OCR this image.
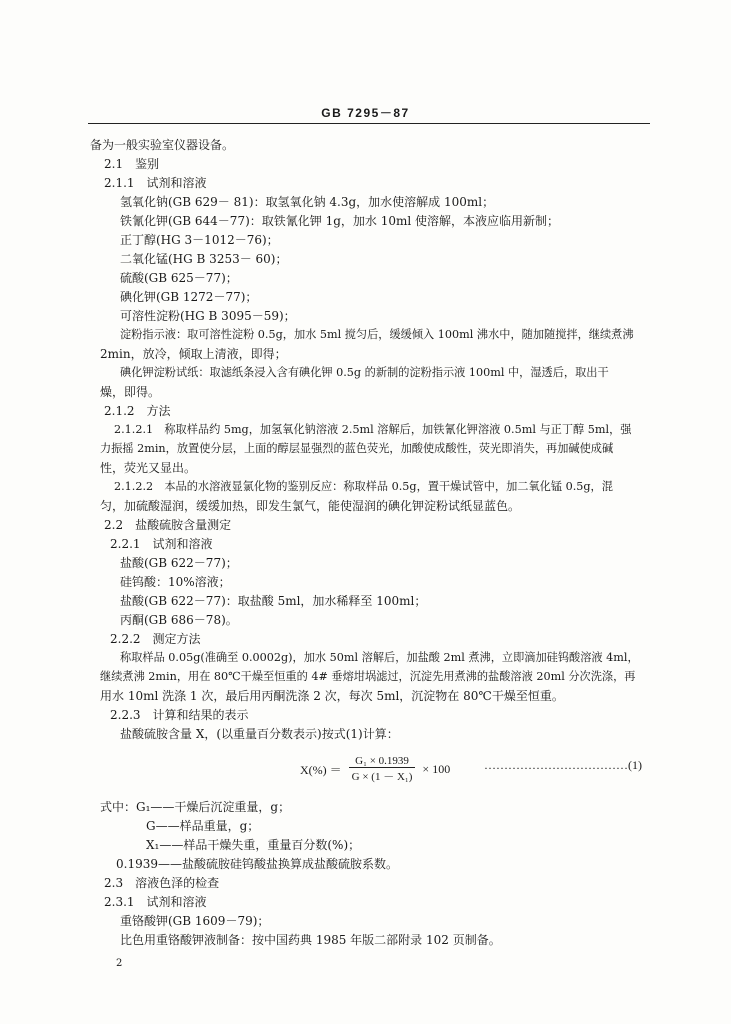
GB 7295－87
备为一般实验室仪器设备。
2.1　鉴别
2.1.1　试剂和溶液
氢氧化钠(GB 629－ 81)：取氢氧化钠 4.3g，加水使溶解成 100ml；
铁氰化钾(GB 644－77)：取铁氰化钾 1g，加水 10ml 使溶解，本液应临用新制；
正丁醇(HG 3－1012－76)；
二氧化锰(HG B 3253－ 60)；
硫酸(GB 625－77)；
碘化钾(GB 1272－77)；
可溶性淀粉(HG B 3095－59)；
淀粉指示液：取可溶性淀粉 0.5g，加水 5ml 搅匀后，缓缓倾入 100ml 沸水中，随加随搅拌，继续煮沸
2min，放冷，倾取上清液，即得；
碘化钾淀粉试纸：取滤纸条浸入含有碘化钾 0.5g 的新制的淀粉指示液 100ml 中，湿透后，取出干
燥，即得。
2.1.2　方法
2.1.2.1　称取样品约 5mg，加氢氧化钠溶液 2.5ml 溶解后，加铁氰化钾溶液 0.5ml 与正丁醇 5ml，强
力振摇 2min，放置使分层，上面的醇层显强烈的蓝色荧光，加酸使成酸性，荧光即消失，再加碱使成碱
性，荧光又显出。
2.1.2.2　本品的水溶液显氯化物的鉴别反应：称取样品 0.5g，置干燥试管中，加二氧化锰 0.5g，混
匀，加硫酸湿润，缓缓加热，即发生氯气，能使湿润的碘化钾淀粉试纸显蓝色。
2.2　盐酸硫胺含量测定
2.2.1　试剂和溶液
盐酸(GB 622－77)；
硅钨酸：10%溶液；
盐酸(GB 622－77)：取盐酸 5ml，加水稀释至 100ml；
丙酮(GB 686－78)。
2.2.2　测定方法
称取样品 0.05g(准确至 0.0002g)，加水 50ml 溶解后，加盐酸 2ml 煮沸，立即滴加硅钨酸溶液 4ml，
继续煮沸 2min，用在 80℃干燥至恒重的 4# 垂熔坩埚滤过，沉淀先用煮沸的盐酸溶液 20ml 分次洗涤，再
用水 10ml 洗涤 1 次，最后用丙酮洗涤 2 次，每次 5ml，沉淀物在 80℃干燥至恒重。
2.2.3　计算和结果的表示
盐酸硫胺含量 X，(以重量百分数表示)按式(1)计算：
$X(\%) = \frac{\text{G₁ × 0.1939}}{\text{G × (1 － X₁)}} \times 100$	………………………………(1)
式中：G₁——干燥后沉淀重量，g；
G——样品重量，g；
X₁——样品干燥失重，重量百分数(%)；
0.1939——盐酸硫胺硅钨酸盐换算成盐酸硫胺系数。
2.3　溶液色泽的检查
2.3.1　试剂和溶液
重铬酸钾(GB 1609－79)；
比色用重铬酸钾液制备：按中国药典 1985 年版二部附录 102 页制备。
2
